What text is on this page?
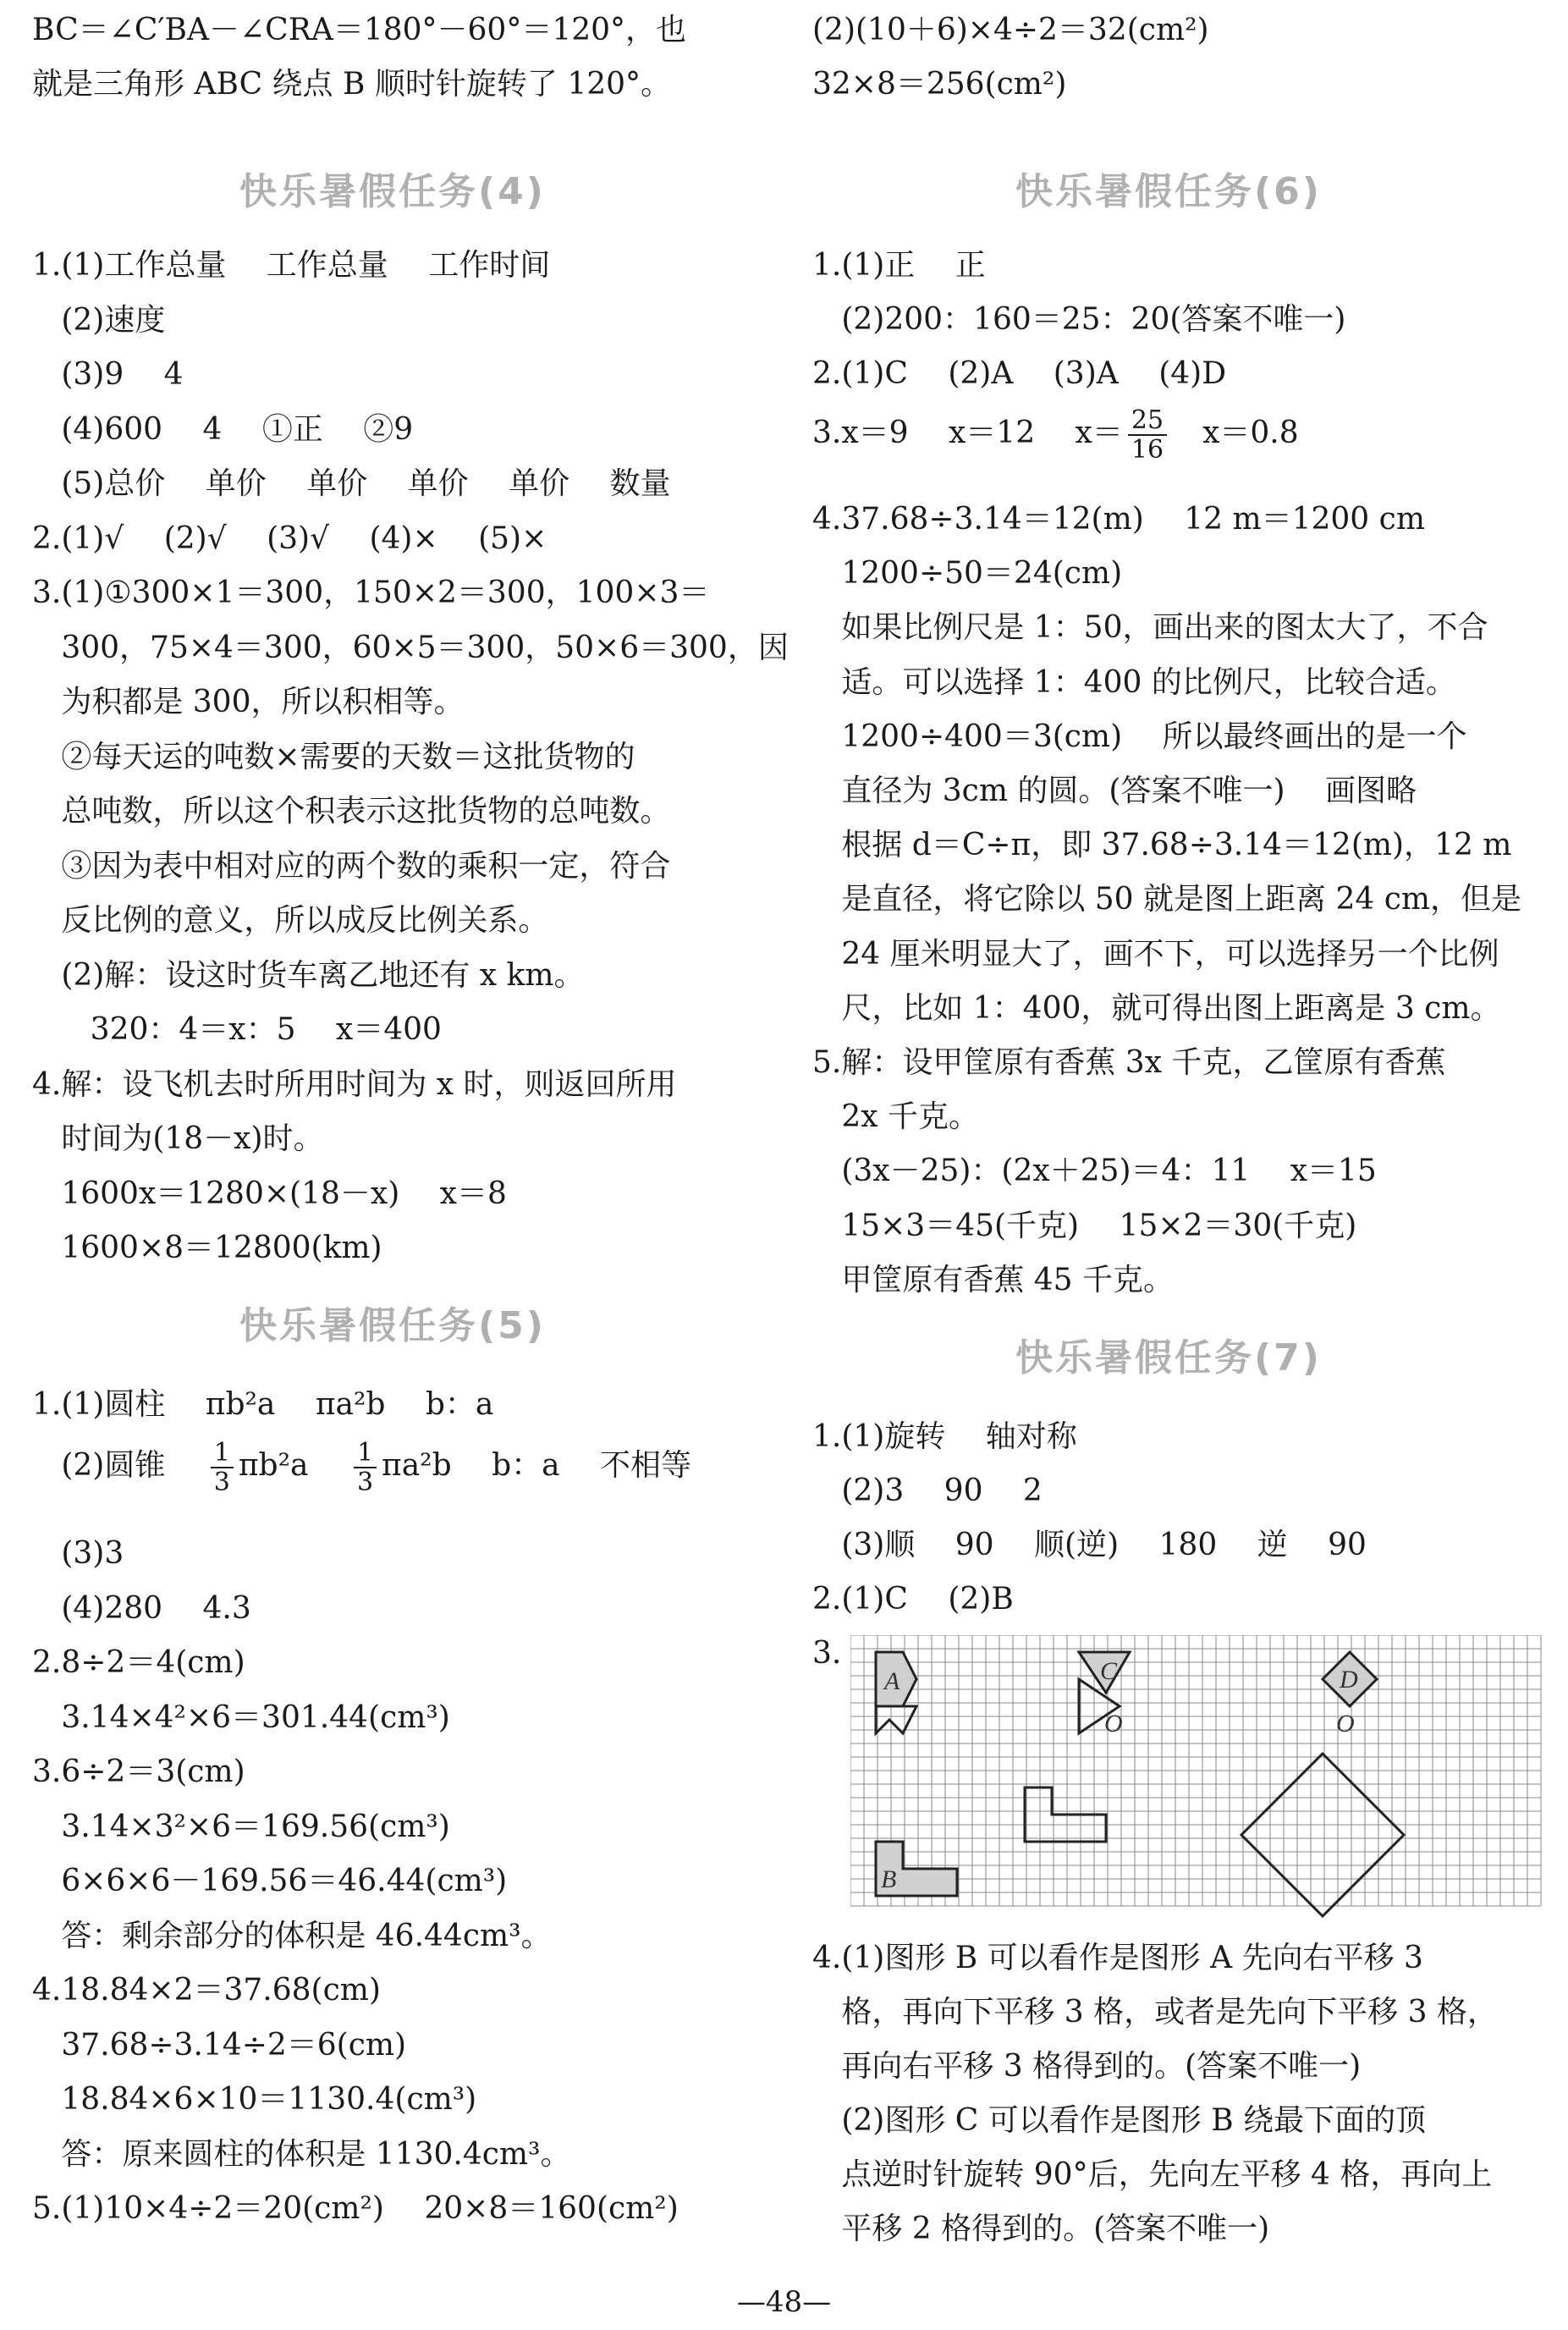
BC＝∠C′BA－∠CRA＝180°－60°＝120°，也
就是三角形 ABC 绕点 B 顺时针旋转了 120°。
快乐暑假任务(4)
1.(1)工作总量　 工作总量　 工作时间
(2)速度
(3)9　 4
(4)600　 4　 ①正　 ②9
(5)总价　 单价　 单价　 单价　 单价　 数量
2.(1)√　 (2)√　 (3)√　 (4)×　 (5)×
3.(1)①300×1＝300，150×2＝300，100×3＝
300，75×4＝300，60×5＝300，50×6＝300，因
为积都是 300，所以积相等。
②每天运的吨数×需要的天数＝这批货物的
总吨数，所以这个积表示这批货物的总吨数。
③因为表中相对应的两个数的乘积一定，符合
反比例的意义，所以成反比例关系。
(2)解：设这时货车离乙地还有 x km。
320：4＝x：5　 x＝400
4.解：设飞机去时所用时间为 x 时，则返回所用
时间为(18－x)时。
1600x＝1280×(18－x)　 x＝8
1600×8＝12800(km)
快乐暑假任务(5)
1.(1)圆柱　 πb²a　 πa²b　 b：a
(2)圆锥　 $\frac{1}{3} \pi b^2a$　 $\frac{1}{3} \pi a^2b$　 b：a　 不相等
(3)3
(4)280　 4.3
2.8÷2＝4(cm)
3.14×4²×6＝301.44(cm³)
3.6÷2＝3(cm)
3.14×3²×6＝169.56(cm³)
6×6×6－169.56＝46.44(cm³)
答：剩余部分的体积是 46.44cm³。
4.18.84×2＝37.68(cm)
37.68÷3.14÷2＝6(cm)
18.84×6×10＝1130.4(cm³)
答：原来圆柱的体积是 1130.4cm³。
5.(1)10×4÷2＝20(cm²)　 20×8＝160(cm²)
(2)(10＋6)×4÷2＝32(cm²)
32×8＝256(cm²)
快乐暑假任务(6)
1.(1)正　 正
(2)200：160＝25：20(答案不唯一)
2.(1)C　 (2)A　 (3)A　 (4)D
3.x＝9　 x＝12　 $x= \frac{25}{16}$
　 x＝0.8
4.37.68÷3.14＝12(m)　 12 m＝1200 cm
1200÷50＝24(cm)
如果比例尺是 1：50，画出来的图太大了，不合
适。可以选择 1：400 的比例尺，比较合适。
1200÷400＝3(cm)　 所以最终画出的是一个
直径为 3cm 的圆。(答案不唯一)　 画图略
根据 d＝C÷π，即 37.68÷3.14＝12(m)，12 m
是直径，将它除以 50 就是图上距离 24 cm，但是
24 厘米明显大了，画不下，可以选择另一个比例
尺，比如 1：400，就可得出图上距离是 3 cm。
5.解：设甲筐原有香蕉 3x 千克，乙筐原有香蕉
2x 千克。
(3x－25)：(2x＋25)＝4：11　 x＝15
15×3＝45(千克)　 15×2＝30(千克)
甲筐原有香蕉 45 千克。
快乐暑假任务(7)
1.(1)旋转　 轴对称
(2)3　 90　 2
(3)顺　 90　 顺(逆)　 180　 逆　 90
2.(1)C　 (2)B
3.
4.(1)图形 B 可以看作是图形 A 先向右平移 3
格，再向下平移 3 格，或者是先向下平移 3 格，
再向右平移 3 格得到的。(答案不唯一)
(2)图形 C 可以看作是图形 B 绕最下面的顶
点逆时针旋转 90°后，先向左平移 4 格，再向上
平移 2 格得到的。(答案不唯一)
A	C
O
D
O
B
—48—
